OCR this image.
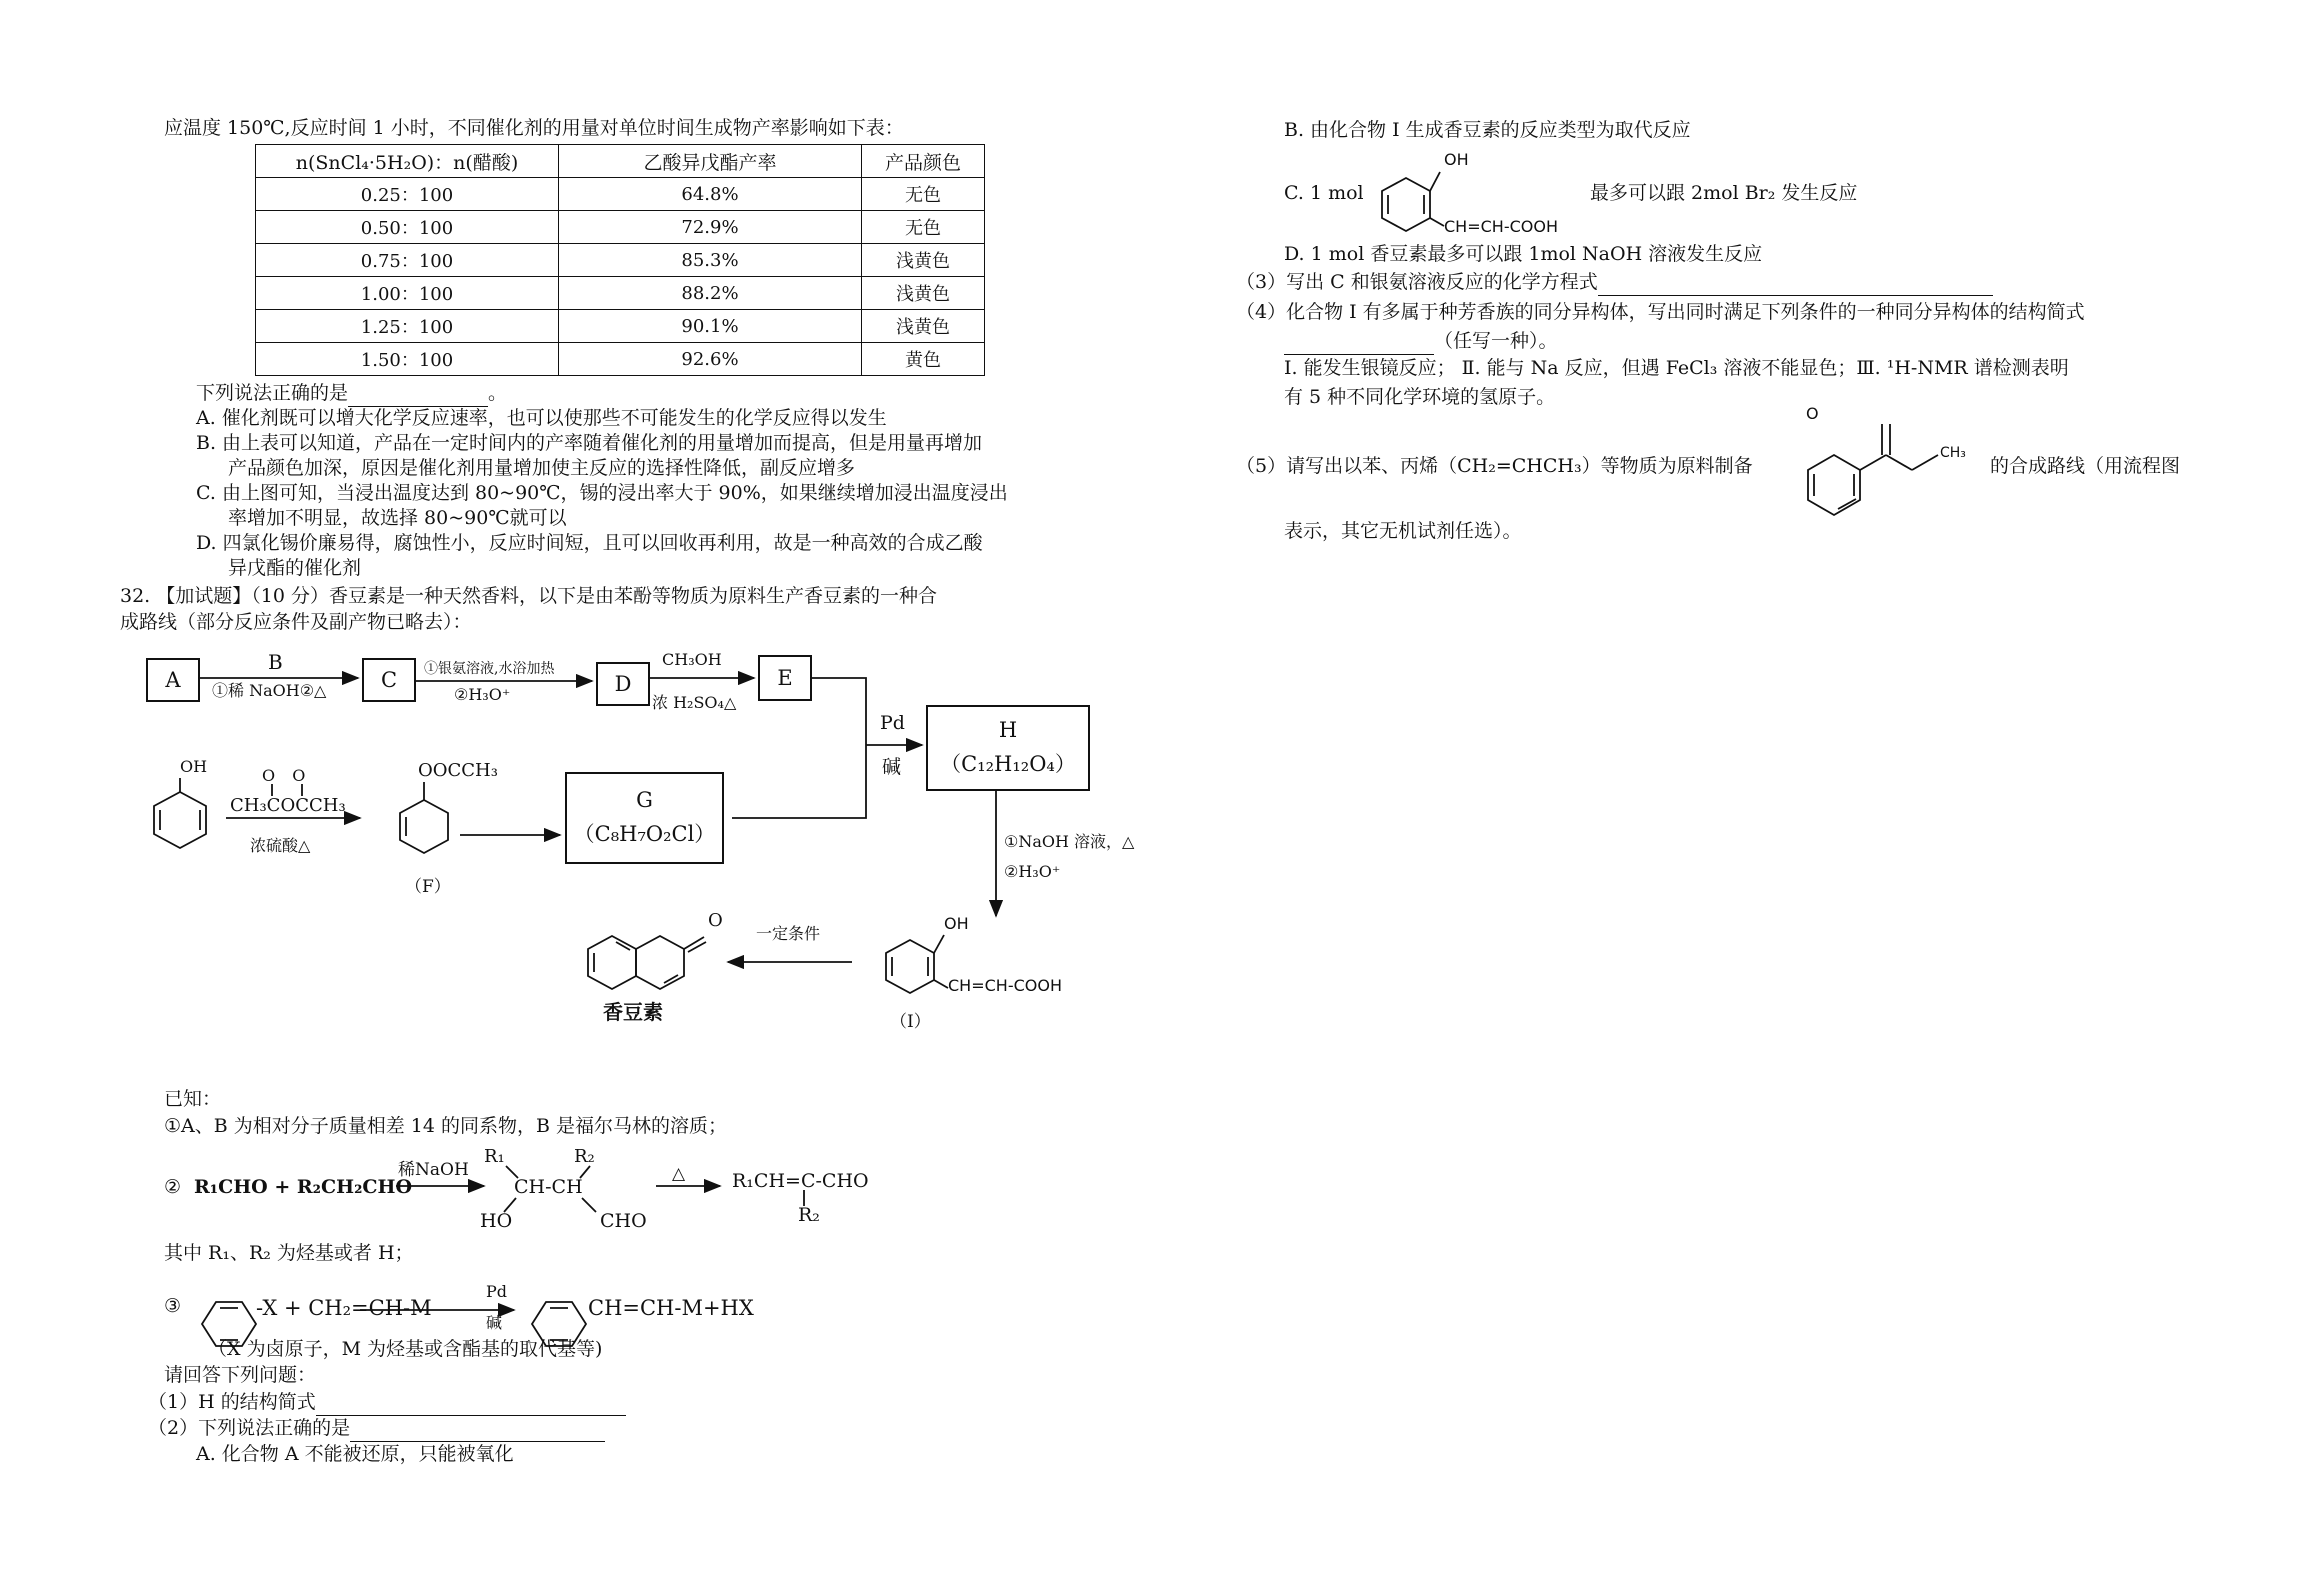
应温度 150℃,反应时间 1 小时，不同催化剂的用量对单位时间生成物产率影响如下表：
n(SnCl₄·5H₂O)：n(醋酸)	乙酸异戊酯产率	产品颜色
0.25：100	64.8%	无色
0.50：100	72.9%	无色
0.75：100	85.3%	浅黄色
1.00：100	88.2%	浅黄色
1.25：100	90.1%	浅黄色
1.50：100	92.6%	黄色
下列说法正确的是	。
A. 催化剂既可以增大化学反应速率，也可以使那些不可能发生的化学反应得以发生
B. 由上表可以知道，产品在一定时间内的产率随着催化剂的用量增加而提高，但是用量再增加
产品颜色加深，原因是催化剂用量增加使主反应的选择性降低，副反应增多
C. 由上图可知，当浸出温度达到 80~90℃，锡的浸出率大于 90%，如果继续增加浸出温度浸出
率增加不明显，故选择 80~90℃就可以
D. 四氯化锡价廉易得，腐蚀性小，反应时间短，且可以回收再利用，故是一种高效的合成乙酸
异戊酯的催化剂
32. 【加试题】（10 分）香豆素是一种天然香料，以下是由苯酚等物质为原料生产香豆素的一种合
成路线（部分反应条件及副产物已略去）：
A
B
①稀 NaOH②△	C	①银氨溶液,水浴加热
②H₃O⁺	D
CH₃OH
浓 H₂SO₄△
E
Pd
碱
H
（C₁₂H₁₂O₄）
OH	O O
CH₃COCCH₃
浓硫酸△
OOCCH₃
（F）
G
（C₈H₇O₂Cl）	①NaOH 溶液，△
②H₃O⁺
一定条件
O
香豆素
OH
CH=CH-COOH
（I）
已知：
①A、B 为相对分子质量相差 14 的同系物，B 是福尔马林的溶质；
② R₁CHO + R₂CH₂CHO
稀NaOH
R₁	R₂
CH-CH
HO	CHO
△ R₁CH=C-CHO
R₂
其中 R₁、R₂ 为烃基或者 H；
③	-X + CH₂=CH-M
Pd
碱
CH=CH-M+HX
（X 为卤原子，M 为烃基或含酯基的取代基等)
请回答下列问题：
（1）H 的结构简式
（2）下列说法正确的是
A. 化合物 A 不能被还原，只能被氧化
B. 由化合物 I 生成香豆素的反应类型为取代反应
C. 1 mol
OH
CH=CH-COOH
最多可以跟 2mol Br₂ 发生反应
D. 1 mol 香豆素最多可以跟 1mol NaOH 溶液发生反应
（3）写出 C 和银氨溶液反应的化学方程式
（4）化合物 I 有多属于种芳香族的同分异构体，写出同时满足下列条件的一种同分异构体的结构简式
（任写一种）。
Ⅰ. 能发生银镜反应； Ⅱ. 能与 Na 反应，但遇 FeCl₃ 溶液不能显色；Ⅲ. ¹H-NMR 谱检测表明
有 5 种不同化学环境的氢原子。
（5）请写出以苯、丙烯（CH₂=CHCH₃）等物质为原料制备
O
CH₃
的合成路线（用流程图
表示，其它无机试剂任选）。
